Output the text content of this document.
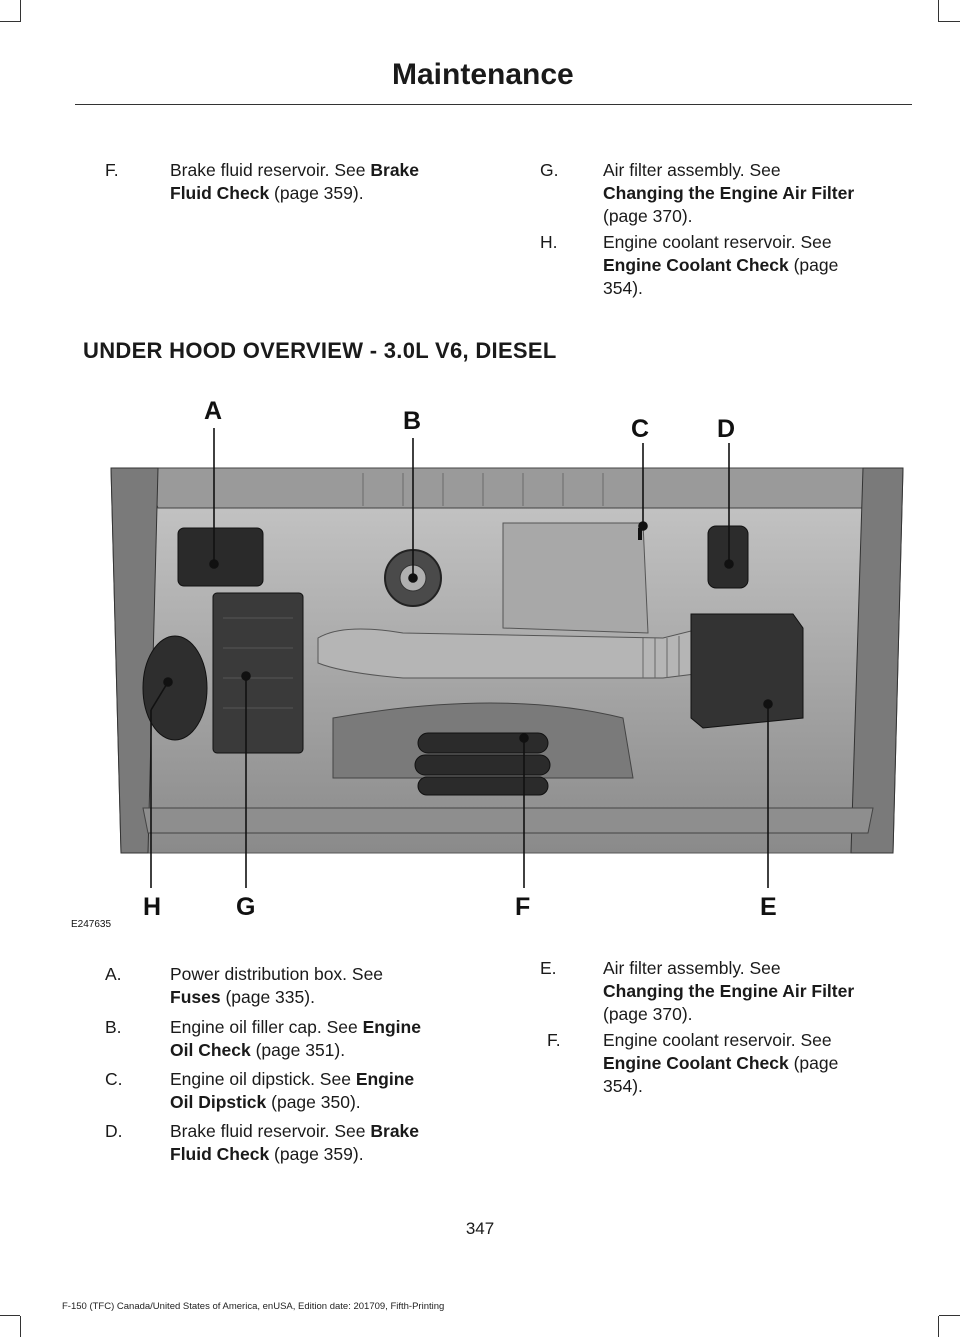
Maintenance
F.	Brake fluid reservoir. See Brake
Fluid Check (page 359).
G.	Air filter assembly. See
Changing the Engine Air Filter
(page 370).
H.	Engine coolant reservoir. See
Engine Coolant Check (page
354).
UNDER HOOD OVERVIEW - 3.0L V6, DIESEL
A	B	C	D
H	G	F	E
E247635
A.	Power distribution box. See
Fuses (page 335).
B.	Engine oil filler cap. See Engine
Oil Check (page 351).
C.	Engine oil dipstick. See Engine
Oil Dipstick (page 350).
D.	Brake fluid reservoir. See Brake
Fluid Check (page 359).
E.	Air filter assembly. See
Changing the Engine Air Filter
(page 370).
F. Engine coolant reservoir. See
Engine Coolant Check (page
354).
347
F-150 (TFC) Canada/United States of America, enUSA, Edition date: 201709, Fifth-Printing
